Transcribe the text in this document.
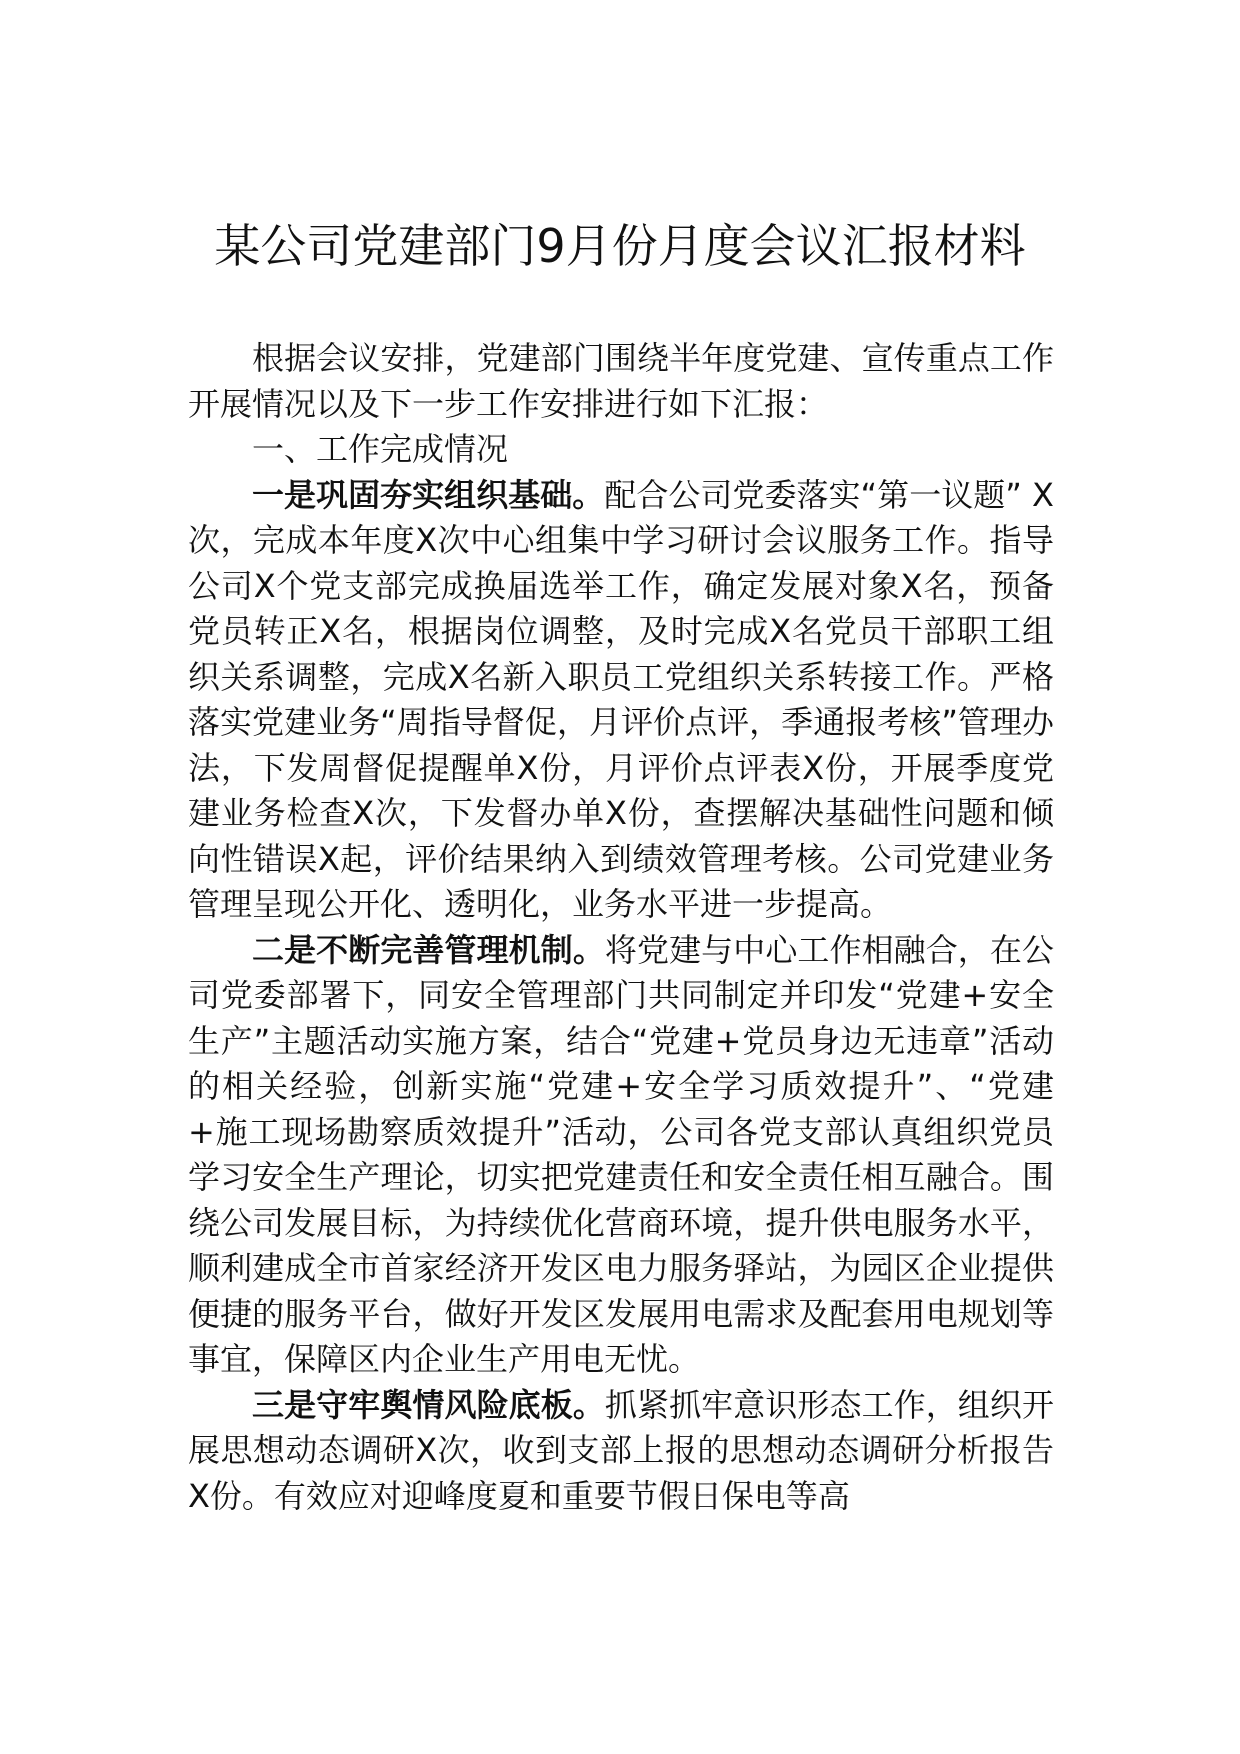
某公司党建部门9月份月度会议汇报材料

根据会议安排，党建部门围绕半年度党建、宣传重点工作开展情况以及下一步工作安排进行如下汇报：

一、工作完成情况

一是巩固夯实组织基础。配合公司党委落实“第一议题” X次，完成本年度X次中心组集中学习研讨会议服务工作。指导公司X个党支部完成换届选举工作，确定发展对象X名，预备党员转正X名，根据岗位调整，及时完成X名党员干部职工组织关系调整，完成X名新入职员工党组织关系转接工作。严格落实党建业务“周指导督促，月评价点评，季通报考核”管理办法，下发周督促提醒单X份，月评价点评表X份，开展季度党建业务检查X次，下发督办单X份，查摆解决基础性问题和倾向性错误X起，评价结果纳入到绩效管理考核。公司党建业务管理呈现公开化、透明化，业务水平进一步提高。

二是不断完善管理机制。将党建与中心工作相融合，在公司党委部署下，同安全管理部门共同制定并印发“党建+安全生产”主题活动实施方案，结合“党建+党员身边无违章”活动的相关经验，创新实施“党建+安全学习质效提升”、“党建+施工现场勘察质效提升”活动，公司各党支部认真组织党员学习安全生产理论，切实把党建责任和安全责任相互融合。围绕公司发展目标，为持续优化营商环境，提升供电服务水平，顺利建成全市首家经济开发区电力服务驿站，为园区企业提供便捷的服务平台，做好开发区发展用电需求及配套用电规划等事宜，保障区内企业生产用电无忧。

三是守牢舆情风险底板。抓紧抓牢意识形态工作，组织开展思想动态调研X次，收到支部上报的思想动态调研分析报告X份。有效应对迎峰度夏和重要节假日保电等高
